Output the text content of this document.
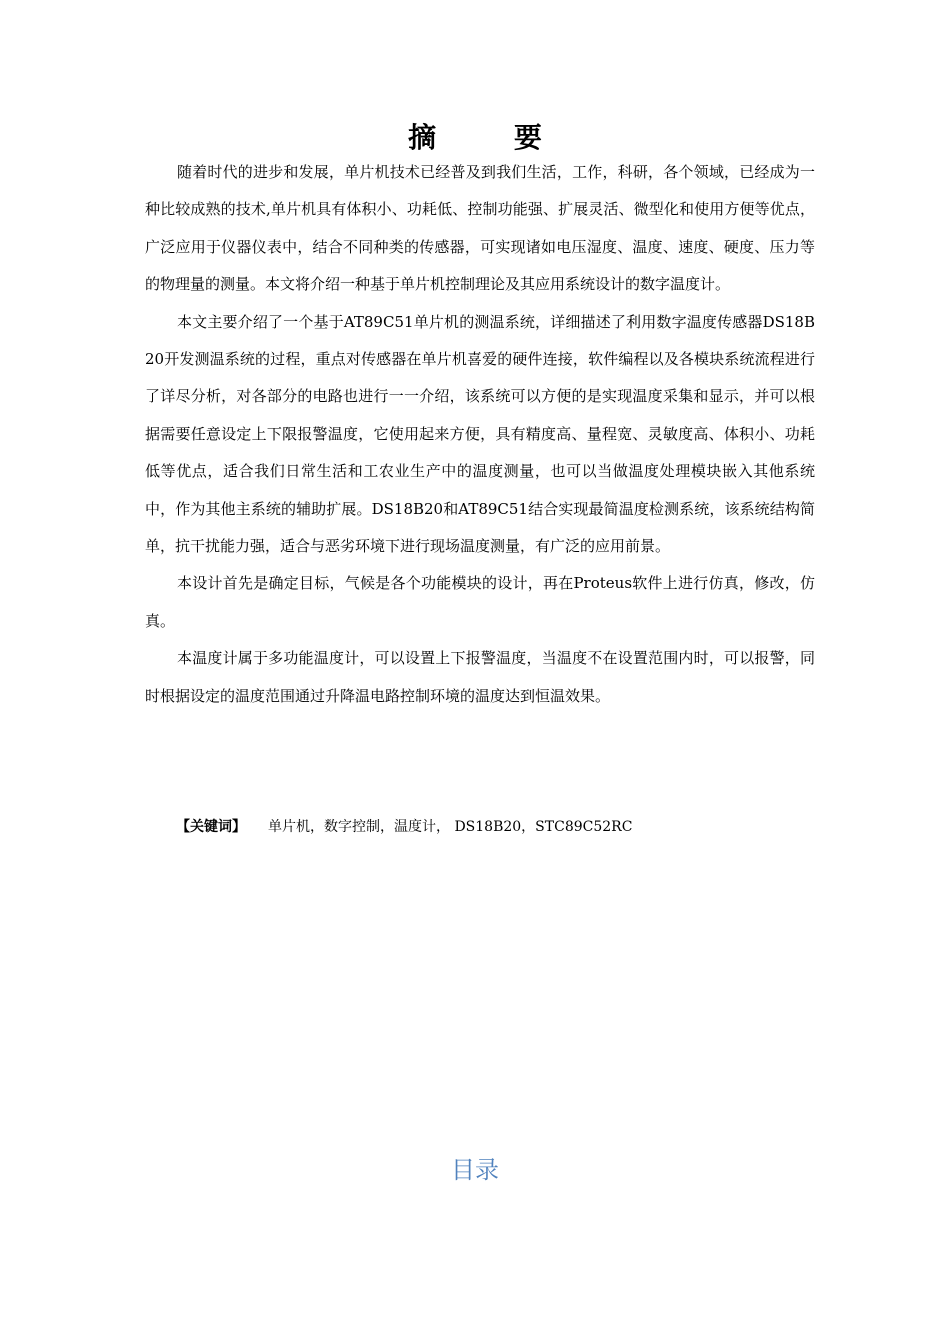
摘 要

随着时代的进步和发展，单片机技术已经普及到我们生活，工作，科研，各个领域，已经成为一种比较成熟的技术,单片机具有体积小、功耗低、控制功能强、扩展灵活、微型化和使用方便等优点，广泛应用于仪器仪表中，结合不同种类的传感器，可实现诸如电压湿度、温度、速度、硬度、压力等的物理量的测量。本文将介绍一种基于单片机控制理论及其应用系统设计的数字温度计。

本文主要介绍了一个基于AT89C51单片机的测温系统，详细描述了利用数字温度传感器DS18B20开发测温系统的过程，重点对传感器在单片机喜爱的硬件连接，软件编程以及各模块系统流程进行了详尽分析，对各部分的电路也进行一一介绍，该系统可以方便的是实现温度采集和显示，并可以根据需要任意设定上下限报警温度，它使用起来方便，具有精度高、量程宽、灵敏度高、体积小、功耗低等优点，适合我们日常生活和工农业生产中的温度测量，也可以当做温度处理模块嵌入其他系统中，作为其他主系统的辅助扩展。DS18B20和AT89C51结合实现最简温度检测系统，该系统结构简单，抗干扰能力强，适合与恶劣环境下进行现场温度测量，有广泛的应用前景。

本设计首先是确定目标，气候是各个功能模块的设计，再在Proteus软件上进行仿真，修改，仿真。

本温度计属于多功能温度计，可以设置上下报警温度，当温度不在设置范围内时，可以报警，同时根据设定的温度范围通过升降温电路控制环境的温度达到恒温效果。

【关键词】 单片机，数字控制，温度计， DS18B20，STC89C52RC
目录
